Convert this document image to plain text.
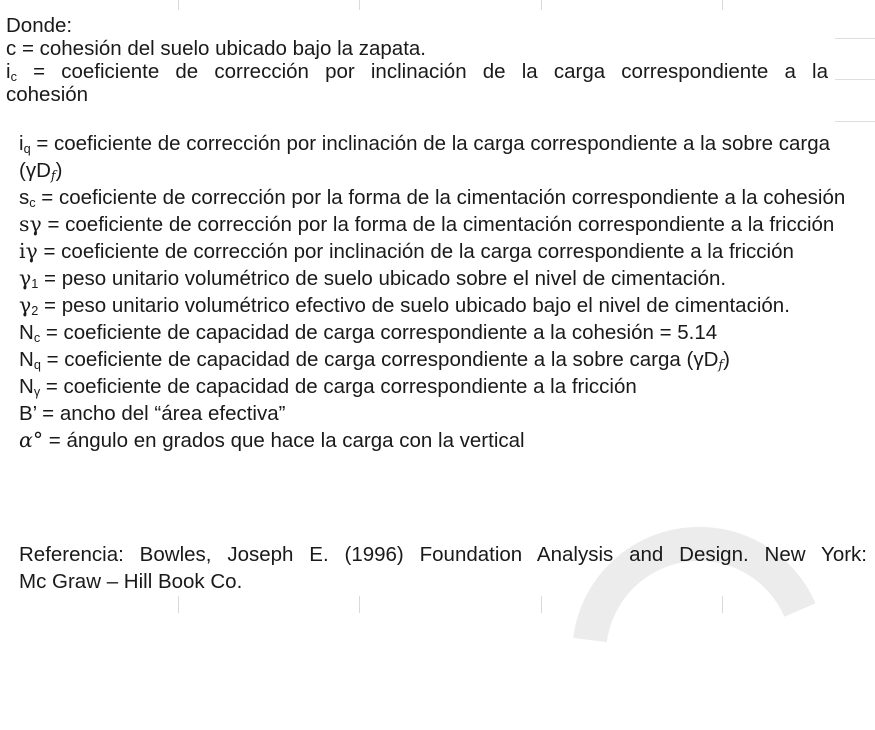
Donde:
c = cohesión del suelo ubicado bajo la zapata.
$i_c$ = coeficiente de corrección por inclinación de la carga correspondiente a la
cohesión
$i_q$ = coeficiente de corrección por inclinación de la carga correspondiente a la sobre carga $(\gamma D_f)$
$s_c$ = coeficiente de corrección por la forma de la cimentación correspondiente a la cohesión
sγ = coeficiente de corrección por la forma de la cimentación correspondiente a la fricción
iγ = coeficiente de corrección por inclinación de la carga correspondiente a la fricción
$\gamma_1$ = peso unitario volumétrico de suelo ubicado sobre el nivel de cimentación.
$\gamma_2$ = peso unitario volumétrico efectivo de suelo ubicado bajo el nivel de cimentación.
$N_c$ = coeficiente de capacidad de carga correspondiente a la cohesión = 5.14
$N_q$ = coeficiente de capacidad de carga correspondiente a la sobre carga $(\gamma D_f)$
$N_\gamma$ = coeficiente de capacidad de carga correspondiente a la fricción
B’ = ancho del “área efectiva”
α° = ángulo en grados que hace la carga con la vertical
Referencia: Bowles, Joseph E. (1996) Foundation Analysis and Design. New York:
Mc Graw – Hill Book Co.
